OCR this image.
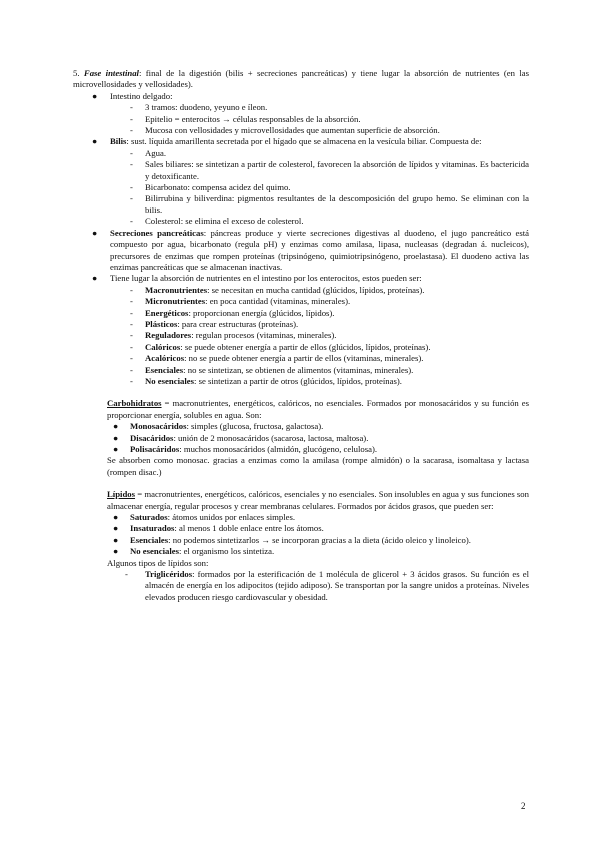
5. Fase intestinal: final de la digestión (bilis + secreciones pancreáticas) y tiene lugar la absorción de nutrientes (en las microvellosidades y vellosidades).

● Intestino delgado:
- 3 tramos: duodeno, yeyuno e íleon.
- Epitelio = enterocitos → células responsables de la absorción.
- Mucosa con vellosidades y microvellosidades que aumentan superficie de absorción.
● Bilis: sust. líquida amarillenta secretada por el hígado que se almacena en la vesícula biliar. Compuesta de:
- Agua.
- Sales biliares: se sintetizan a partir de colesterol, favorecen la absorción de lípidos y vitaminas. Es bactericida y detoxificante.
- Bicarbonato: compensa acidez del quimo.
- Bilirrubina y biliverdina: pigmentos resultantes de la descomposición del grupo hemo. Se eliminan con la bilis.
- Colesterol: se elimina el exceso de colesterol.
● Secreciones pancreáticas: páncreas produce y vierte secreciones digestivas al duodeno, el jugo pancreático está compuesto por agua, bicarbonato (regula pH) y enzimas como amilasa, lipasa, nucleasas (degradan á. nucleicos), precursores de enzimas que rompen proteínas (tripsinógeno, quimiotripsinógeno, proelastasa). El duodeno activa las enzimas pancreáticas que se almacenan inactivas.
● Tiene lugar la absorción de nutrientes en el intestino por los enterocitos, estos pueden ser:
- Macronutrientes: se necesitan en mucha cantidad (glúcidos, lípidos, proteínas).
- Micronutrientes: en poca cantidad (vitaminas, minerales).
- Energéticos: proporcionan energía (glúcidos, lípidos).
- Plásticos: para crear estructuras (proteínas).
- Reguladores: regulan procesos (vitaminas, minerales).
- Calóricos: se puede obtener energía a partir de ellos (glúcidos, lípidos, proteínas).
- Acalóricos: no se puede obtener energía a partir de ellos (vitaminas, minerales).
- Esenciales: no se sintetizan, se obtienen de alimentos (vitaminas, minerales).
- No esenciales: se sintetizan a partir de otros (glúcidos, lípidos, proteínas).

Carbohidratos = macronutrientes, energéticos, calóricos, no esenciales. Formados por monosacáridos y su función es proporcionar energía, solubles en agua. Son:

● Monosacáridos: simples (glucosa, fructosa, galactosa).
● Disacáridos: unión de 2 monosacáridos (sacarosa, lactosa, maltosa).
● Polisacáridos: muchos monosacáridos (almidón, glucógeno, celulosa).

Se absorben como monosac. gracias a enzimas como la amilasa (rompe almidón) o la sacarasa, isomaltasa y lactasa (rompen disac.)

Lípidos = macronutrientes, energéticos, calóricos, esenciales y no esenciales. Son insolubles en agua y sus funciones son almacenar energía, regular procesos y crear membranas celulares. Formados por ácidos grasos, que pueden ser:

● Saturados: átomos unidos por enlaces simples.
● Insaturados: al menos 1 doble enlace entre los átomos.
● Esenciales: no podemos sintetizarlos → se incorporan gracias a la dieta (ácido oleico y linoleico).
● No esenciales: el organismo los sintetiza.

Algunos tipos de lípidos son:

- Triglicéridos: formados por la esterificación de 1 molécula de glicerol + 3 ácidos grasos. Su función es el almacén de energía en los adipocitos (tejido adiposo). Se transportan por la sangre unidos a proteínas. Niveles elevados producen riesgo cardiovascular y obesidad.
2
